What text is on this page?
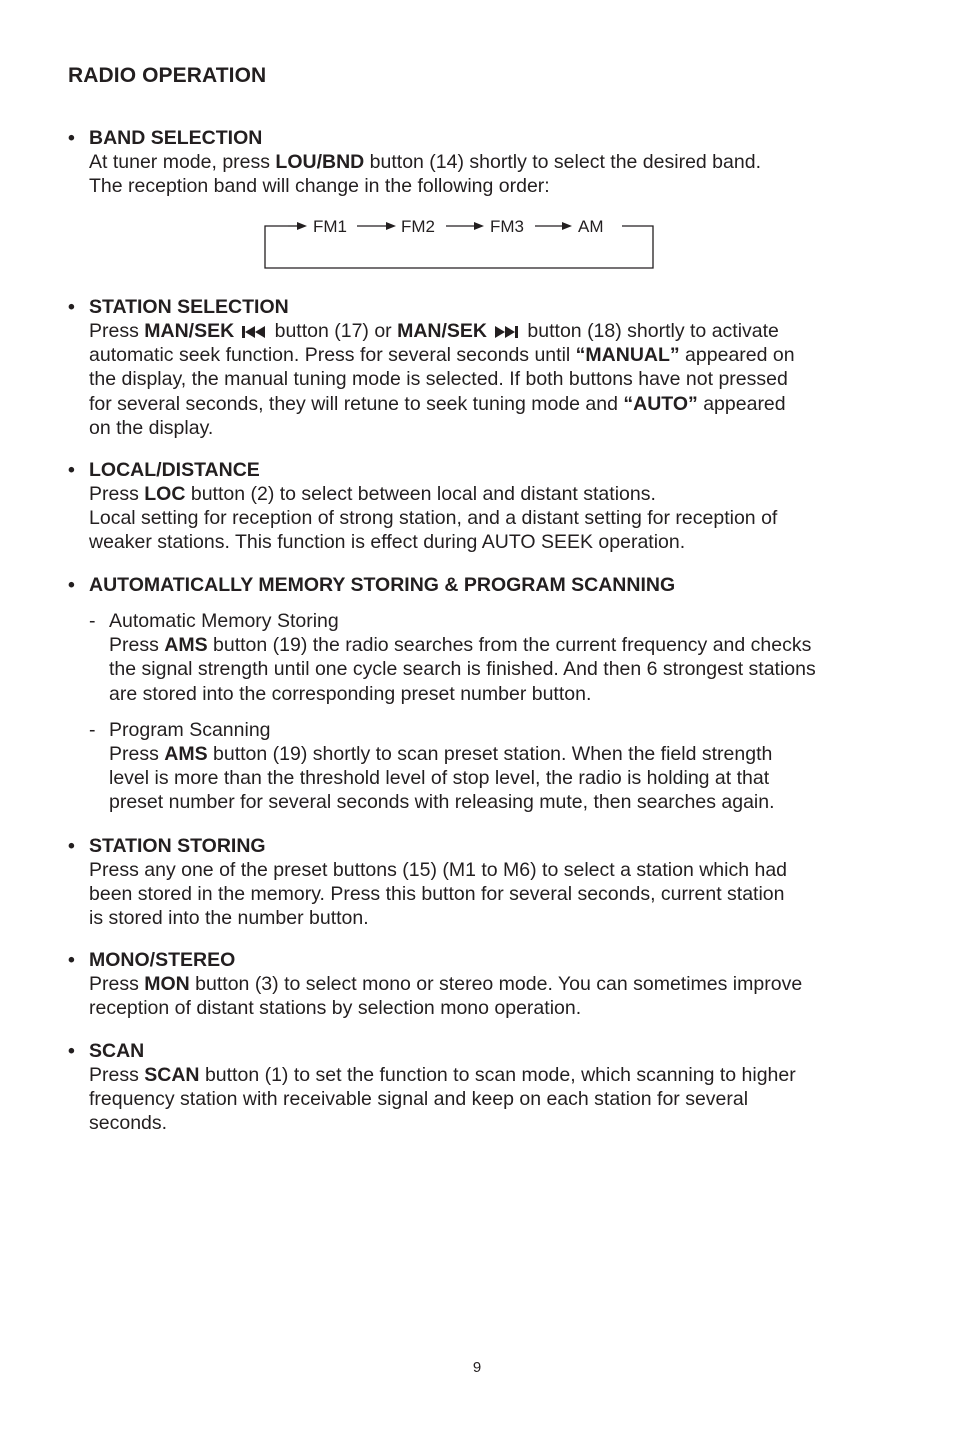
RADIO OPERATION
• BAND SELECTION
At tuner mode, press LOU/BND button (14) shortly to select the desired band.
The reception band will change in the following order:
FM1	FM2	FM3	AM
• STATION SELECTION
Press MAN/SEK button (17) or MAN/SEK button (18) shortly to activate
automatic seek function. Press for several seconds until “MANUAL” appeared on
the display, the manual tuning mode is selected. If both buttons have not pressed
for several seconds, they will retune to seek tuning mode and “AUTO” appeared
on the display.
• LOCAL/DISTANCE
Press LOC button (2) to select between local and distant stations.
Local setting for reception of strong station, and a distant setting for reception of
weaker stations. This function is effect during AUTO SEEK operation.
• AUTOMATICALLY MEMORY STORING & PROGRAM SCANNING
- Automatic Memory Storing
Press AMS button (19) the radio searches from the current frequency and checks
the signal strength until one cycle search is finished. And then 6 strongest stations
are stored into the corresponding preset number button.
- Program Scanning
Press AMS button (19) shortly to scan preset station. When the field strength
level is more than the threshold level of stop level, the radio is holding at that
preset number for several seconds with releasing mute, then searches again.
• STATION STORING
Press any one of the preset buttons (15) (M1 to M6) to select a station which had
been stored in the memory. Press this button for several seconds, current station
is stored into the number button.
• MONO/STEREO
Press MON button (3) to select mono or stereo mode. You can sometimes improve
reception of distant stations by selection mono operation.
• SCAN
Press SCAN button (1) to set the function to scan mode, which scanning to higher
frequency station with receivable signal and keep on each station for several
seconds.
9
